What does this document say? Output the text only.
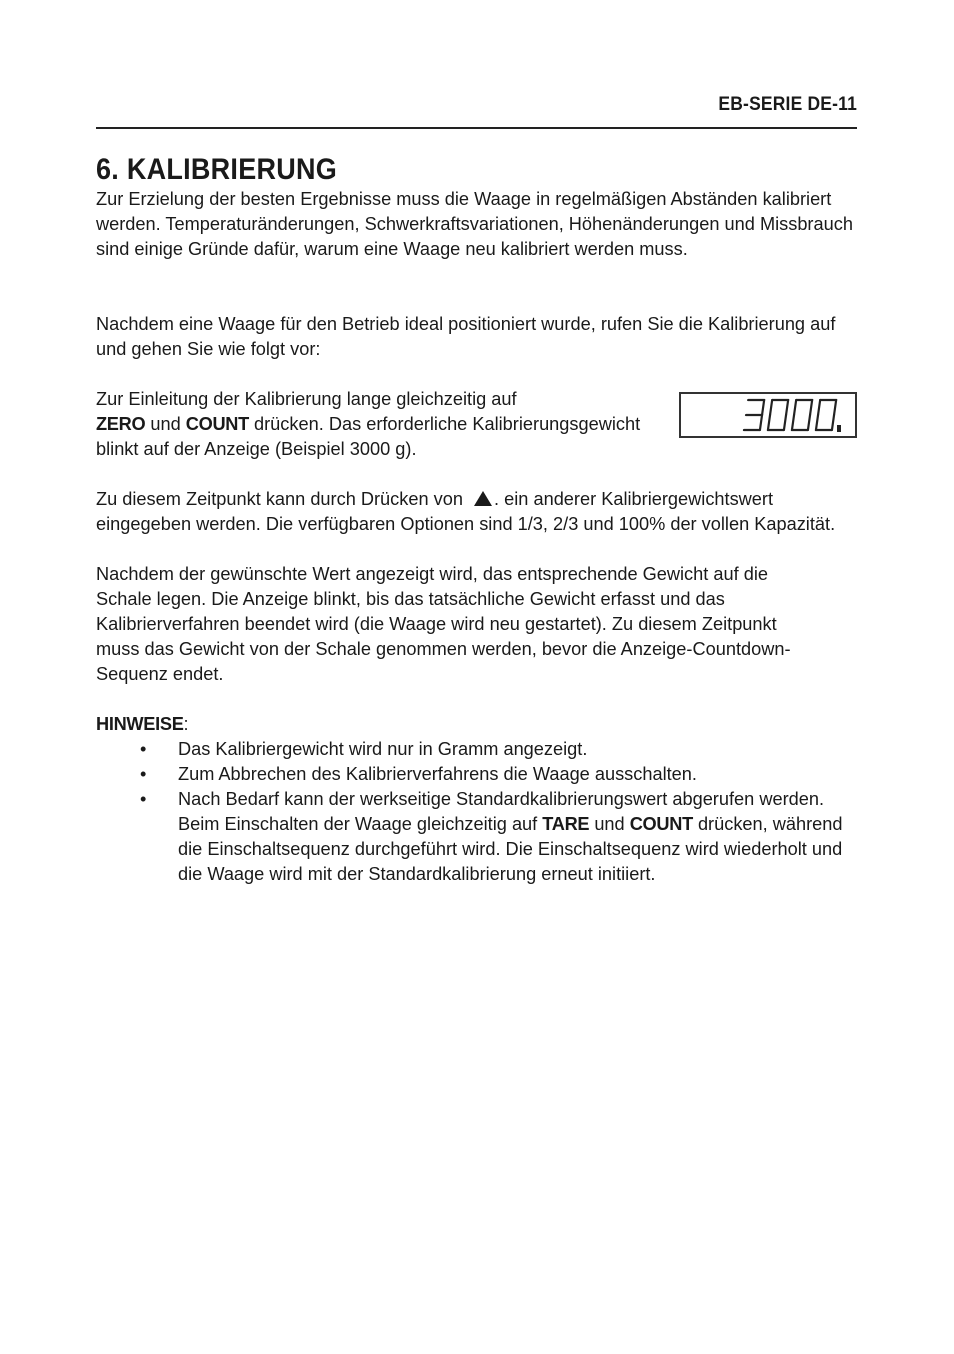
EB-SERIE DE-11
6. KALIBRIERUNG

Zur Erzielung der besten Ergebnisse muss die Waage in regelmäßigen Abständen kalibriert werden. Temperaturänderungen, Schwerkraftsvariationen, Höhenänderungen und Missbrauch sind einige Gründe dafür, warum eine Waage neu kalibriert werden muss.

Nachdem eine Waage für den Betrieb ideal positioniert wurde, rufen Sie die Kalibrierung auf und gehen Sie wie folgt vor:

Zur Einleitung der Kalibrierung lange gleichzeitig auf
ZERO und COUNT drücken. Das erforderliche Kalibrierungsgewicht blinkt auf der Anzeige (Beispiel 3000 g).

Zu diesem Zeitpunkt kann durch Drücken von . ein anderer Kalibriergewichtswert eingegeben werden. Die verfügbaren Optionen sind 1/3, 2/3 und 100% der vollen Kapazität.

Nachdem der gewünschte Wert angezeigt wird, das entsprechende Gewicht auf die Schale legen. Die Anzeige blinkt, bis das tatsächliche Gewicht erfasst und das Kalibrierverfahren beendet wird (die Waage wird neu gestartet). Zu diesem Zeitpunkt muss das Gewicht von der Schale genommen werden, bevor die Anzeige-Countdown-Sequenz endet.

HINWEISE:

• Das Kalibriergewicht wird nur in Gramm angezeigt.
• Zum Abbrechen des Kalibrierverfahrens die Waage ausschalten.
• Nach Bedarf kann der werkseitige Standardkalibrierungswert abgerufen werden. Beim Einschalten der Waage gleichzeitig auf TARE und COUNT drücken, während die Einschaltsequenz durchgeführt wird. Die Einschaltsequenz wird wiederholt und die Waage wird mit der Standardkalibrierung erneut initiiert.
